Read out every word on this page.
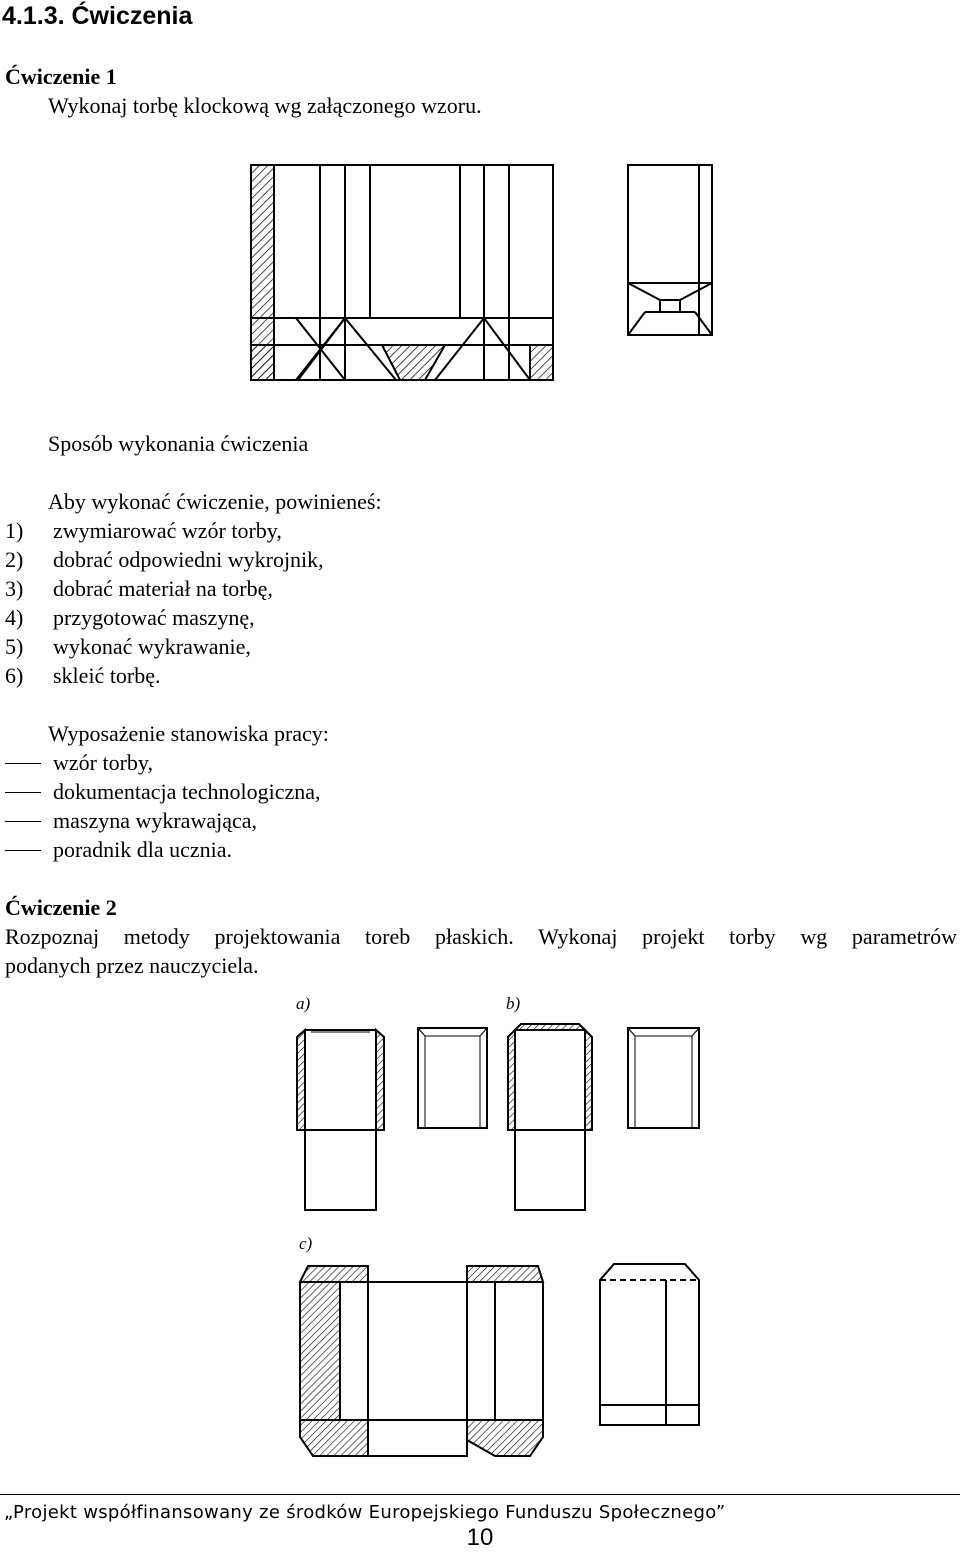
4.1.3. Ćwiczenia
Ćwiczenie 1
Wykonaj torbę klockową wg załączonego wzoru.
Sposób wykonania ćwiczenia
Aby wykonać ćwiczenie, powinieneś:
1) zwymiarować wzór torby,
2) dobrać odpowiedni wykrojnik,
3) dobrać materiał na torbę,
4) przygotować maszynę,
5) wykonać wykrawanie,
6) skleić torbę.
Wyposażenie stanowiska pracy:
wzór torby,
dokumentacja technologiczna,
maszyna wykrawająca,
poradnik dla ucznia.
Ćwiczenie 2
Rozpoznaj metody projektowania toreb płaskich. Wykonaj projekt torby wg parametrów
podanych przez nauczyciela.
a)	b)
c)
„Projekt współfinansowany ze środków Europejskiego Funduszu Społecznego”
10
